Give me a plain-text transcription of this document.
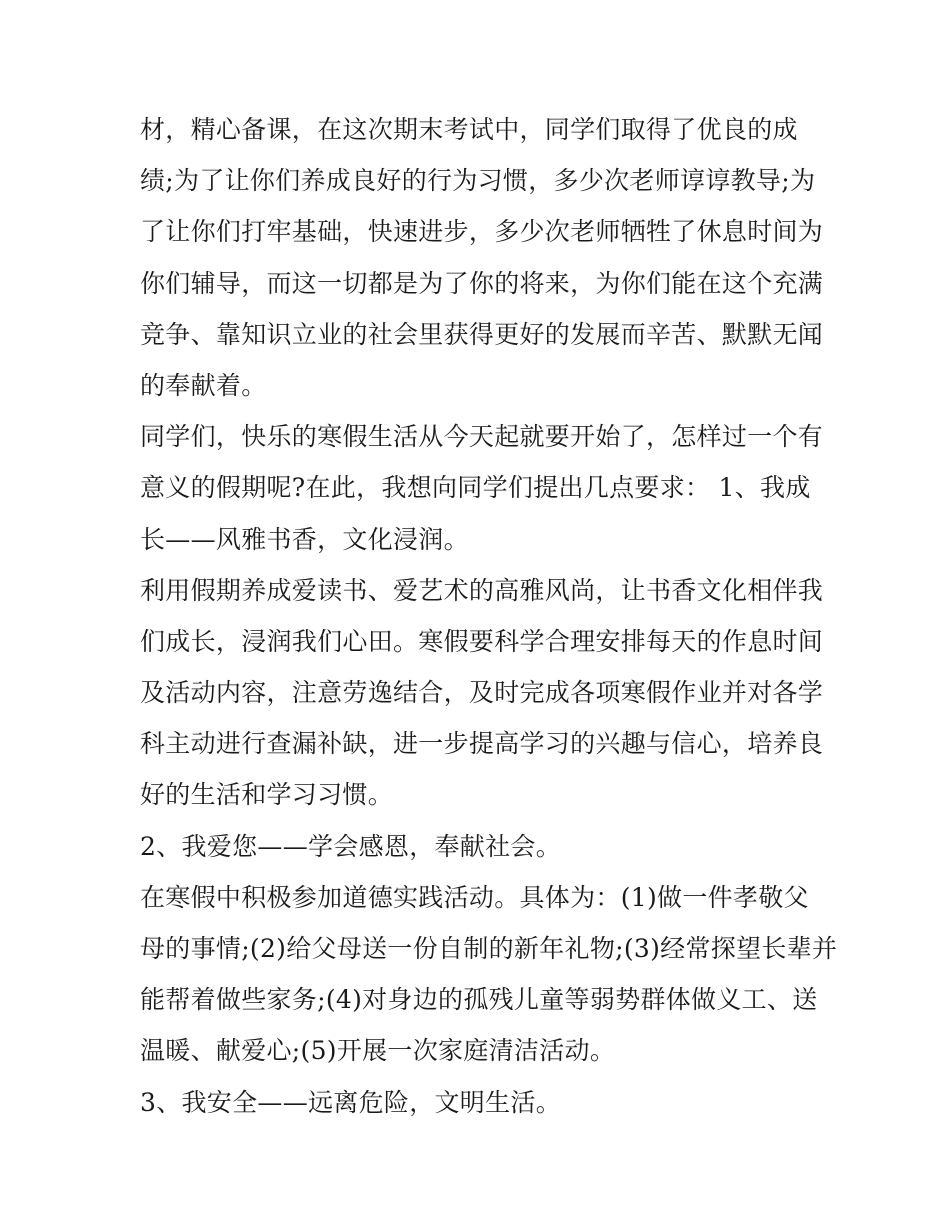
材，精心备课，在这次期末考试中，同学们取得了优良的成
绩;为了让你们养成良好的行为习惯，多少次老师谆谆教导;为
了让你们打牢基础，快速进步，多少次老师牺牲了休息时间为
你们辅导，而这一切都是为了你的将来，为你们能在这个充满
竞争、靠知识立业的社会里获得更好的发展而辛苦、默默无闻
的奉献着。
同学们，快乐的寒假生活从今天起就要开始了，怎样过一个有
意义的假期呢?在此，我想向同学们提出几点要求： 1、我成
长——风雅书香，文化浸润。
利用假期养成爱读书、爱艺术的高雅风尚，让书香文化相伴我
们成长，浸润我们心田。寒假要科学合理安排每天的作息时间
及活动内容，注意劳逸结合，及时完成各项寒假作业并对各学
科主动进行查漏补缺，进一步提高学习的兴趣与信心，培养良
好的生活和学习习惯。
2、我爱您——学会感恩，奉献社会。
在寒假中积极参加道德实践活动。具体为：(1)做一件孝敬父
母的事情;(2)给父母送一份自制的新年礼物;(3)经常探望长辈并
能帮着做些家务;(4)对身边的孤残儿童等弱势群体做义工、送
温暖、献爱心;(5)开展一次家庭清洁活动。
3、我安全——远离危险，文明生活。
